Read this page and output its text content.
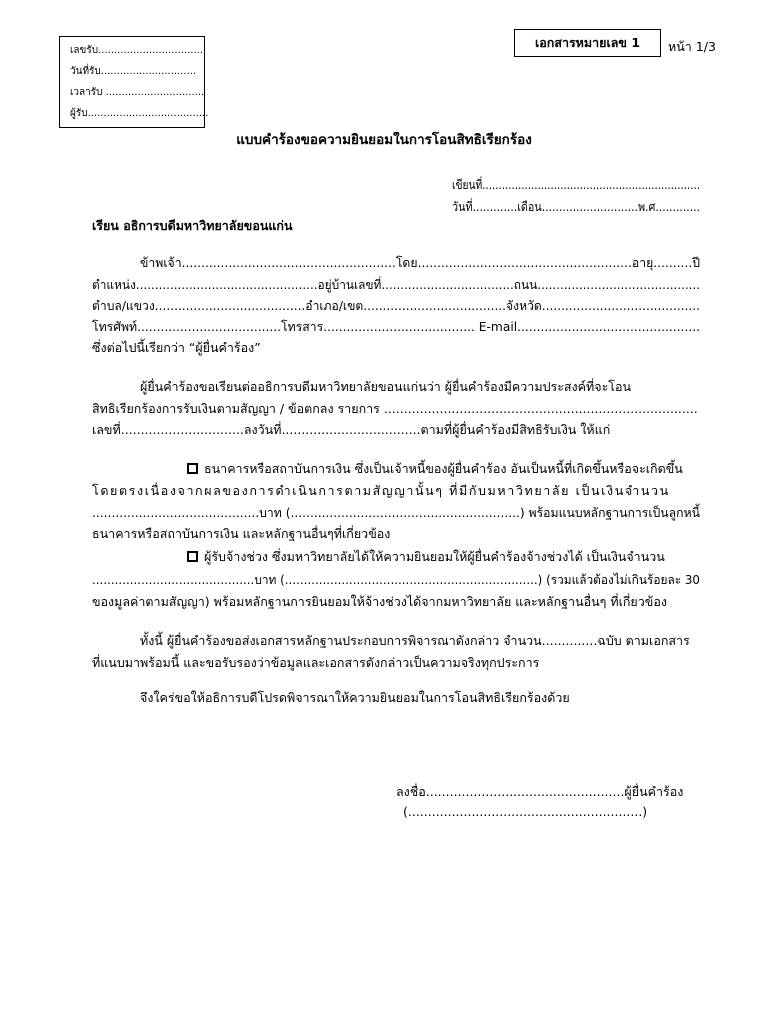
เลขรับ.................................
วันที่รับ..............................
เวลารับ ...............................
ผู้รับ......................................
เอกสารหมายเลข 1 หน้า 1/3
แบบคำร้องขอความยินยอมในการโอนสิทธิเรียกร้อง
เขียนที่...................................................................
วันที่.............เดือน............................พ.ศ.............
เรียน อธิการบดีมหาวิทยาลัยขอนแก่น
ข้าพเจ้า.......................................................โดย.......................................................อายุ..........ปี
ตำแหน่ง................................................อยู่บ้านเลขที่...................................ถนน...........................................
ตำบล/แขวง.......................................อำเภอ/เขต.....................................จังหวัด.........................................
โทรศัพท์.....................................โทรสาร....................................... E-mail...............................................
ซึ่งต่อไปนี้เรียกว่า “ผู้ยื่นคำร้อง”
ผู้ยื่นคำร้องขอเรียนต่ออธิการบดีมหาวิทยาลัยขอนแก่นว่า ผู้ยื่นคำร้องมีความประสงค์ที่จะโอน
สิทธิเรียกร้องการรับเงินตามสัญญา / ข้อตกลง รายการ ...............................................................................
เลขที่...............................ลงวันที่...................................ตามที่ผู้ยื่นคำร้องมีสิทธิรับเงิน ให้แก่
ธนาคารหรือสถาบันการเงิน ซึ่งเป็นเจ้าหนี้ของผู้ยื่นคำร้อง อันเป็นหนี้ที่เกิดขึ้นหรือจะเกิดขึ้น
โดยตรงเนื่องจากผลของการดำเนินการตามสัญญานั้นๆ ที่มีกับมหาวิทยาลัย เป็นเงินจำนวน
...........................................บาท (...........................................................) พร้อมแนบหลักฐานการเป็นลูกหนี้
ธนาคารหรือสถาบันการเงิน และหลักฐานอื่นๆที่เกี่ยวข้อง
ผู้รับจ้างช่วง ซึ่งมหาวิทยาลัยได้ให้ความยินยอมให้ผู้ยื่นคำร้องจ้างช่วงได้ เป็นเงินจำนวน
...........................................บาท (...................................................................) (รวมแล้วต้องไม่เกินร้อยละ 30
ของมูลค่าตามสัญญา) พร้อมหลักฐานการยินยอมให้จ้างช่วงได้จากมหาวิทยาลัย และหลักฐานอื่นๆ ที่เกี่ยวข้อง
ทั้งนี้ ผู้ยื่นคำร้องขอส่งเอกสารหลักฐานประกอบการพิจารณาดังกล่าว จำนวน..............ฉบับ ตามเอกสาร
ที่แนบมาพร้อมนี้ และขอรับรองว่าข้อมูลและเอกสารดังกล่าวเป็นความจริงทุกประการ
จึงใคร่ขอให้อธิการบดีโปรดพิจารณาให้ความยินยอมในการโอนสิทธิเรียกร้องด้วย
ลงชื่อ..................................................ผู้ยื่นคำร้อง
(...........................................................)
